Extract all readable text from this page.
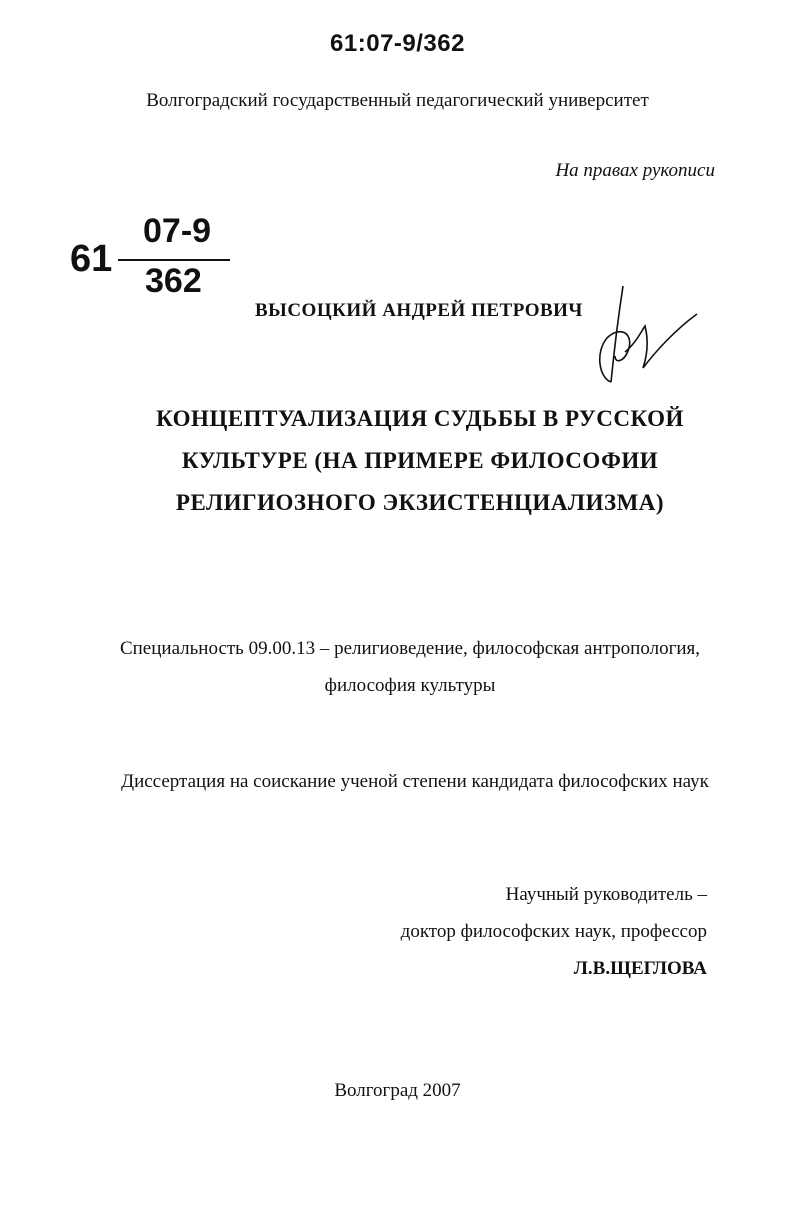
61:07-9/362
Волгоградский государственный педагогический университет
На правах рукописи
61
07-9
362
ВЫСОЦКИЙ АНДРЕЙ ПЕТРОВИЧ
КОНЦЕПТУАЛИЗАЦИЯ СУДЬБЫ В РУССКОЙ
КУЛЬТУРЕ (НА ПРИМЕРЕ ФИЛОСОФИИ
РЕЛИГИОЗНОГО ЭКЗИСТЕНЦИАЛИЗМА)
Специальность 09.00.13 – религиоведение, философская антропология,
философия культуры
Диссертация на соискание ученой степени кандидата философских наук
Научный руководитель –
доктор философских наук, профессор
Л.В.ЩЕГЛОВА
Волгоград 2007
